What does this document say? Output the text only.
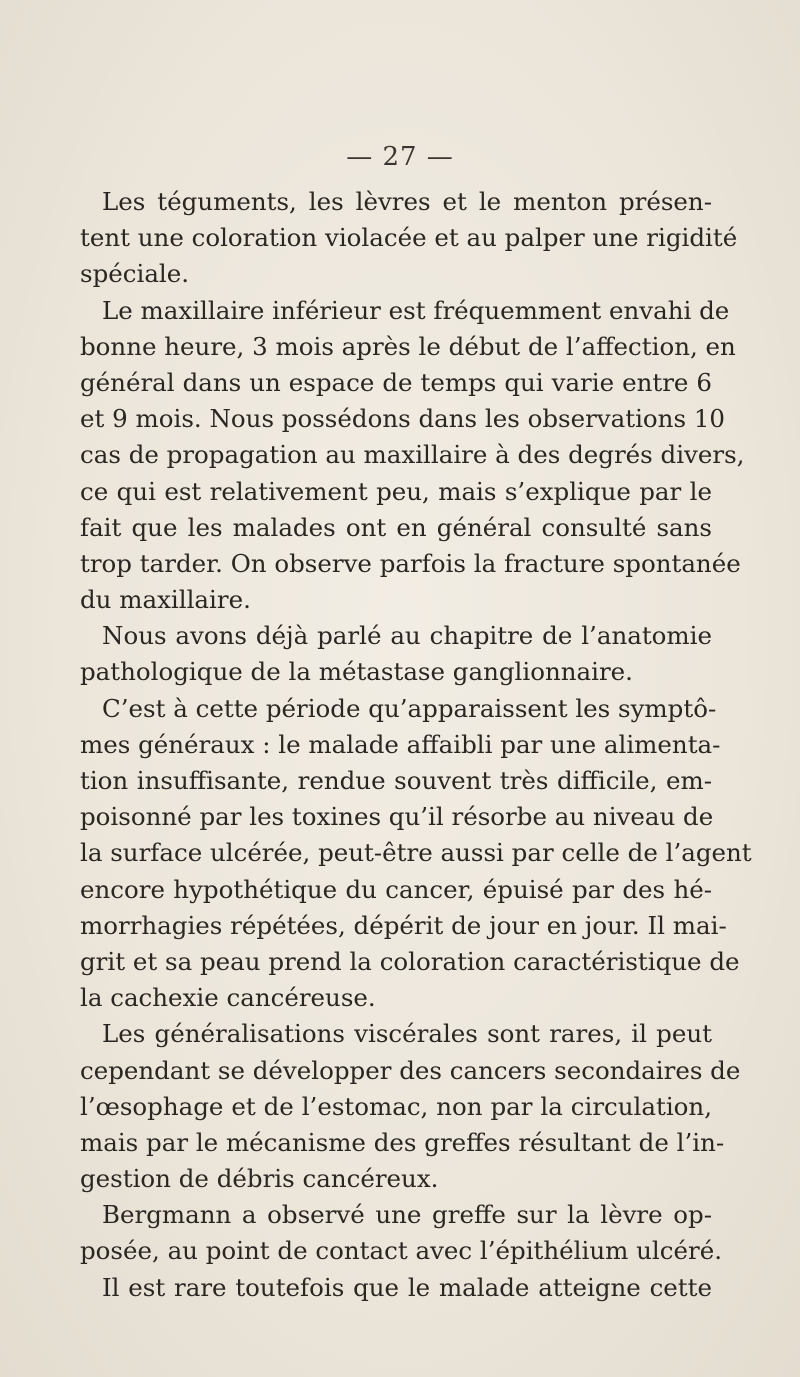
— 27 —
Les téguments, les lèvres et le menton présen-
tent une coloration violacée et au palper une rigidité
spéciale.
Le maxillaire inférieur est fréquemment envahi de
bonne heure, 3 mois après le début de l’affection, en
général dans un espace de temps qui varie entre 6
et 9 mois. Nous possédons dans les observations 10
cas de propagation au maxillaire à des degrés divers,
ce qui est relativement peu, mais s’explique par le
fait que les malades ont en général consulté sans
trop tarder. On observe parfois la fracture spontanée
du maxillaire.
Nous avons déjà parlé au chapitre de l’anatomie
pathologique de la métastase ganglionnaire.
C’est à cette période qu’apparaissent les symptô-
mes généraux : le malade affaibli par une alimenta-
tion insuffisante, rendue souvent très difficile, em-
poisonné par les toxines qu’il résorbe au niveau de
la surface ulcérée, peut-être aussi par celle de l’agent
encore hypothétique du cancer, épuisé par des hé-
morrhagies répétées, dépérit de jour en jour. Il mai-
grit et sa peau prend la coloration caractéristique de
la cachexie cancéreuse.
Les généralisations viscérales sont rares, il peut
cependant se développer des cancers secondaires de
l’œsophage et de l’estomac, non par la circulation,
mais par le mécanisme des greffes résultant de l’in-
gestion de débris cancéreux.
Bergmann a observé une greffe sur la lèvre op-
posée, au point de contact avec l’épithélium ulcéré.
Il est rare toutefois que le malade atteigne cette
